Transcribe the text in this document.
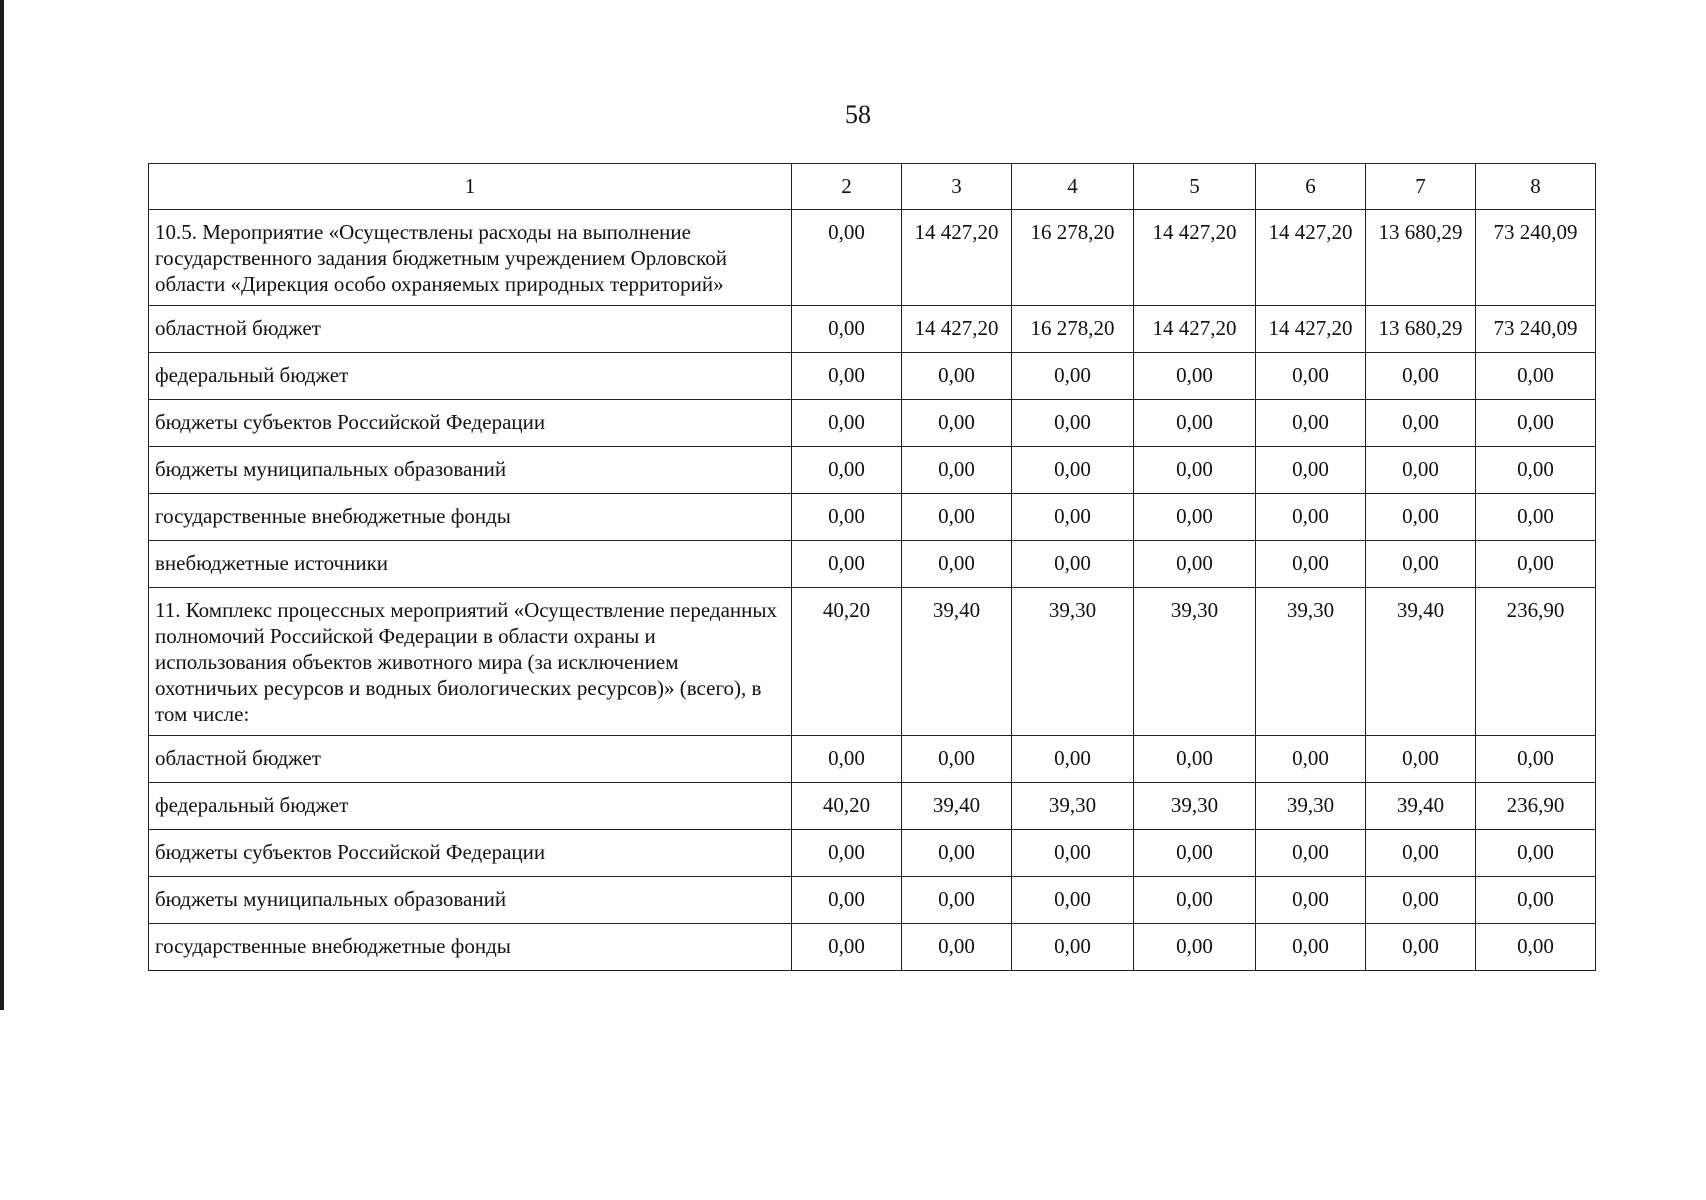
58
1	2	3	4	5	6	7	8
10.5. Мероприятие «Осуществлены расходы на выполнение государственного задания бюджетным учреждением Орловской области «Дирекция особо охраняемых природных территорий»	0,00	14 427,20	16 278,20	14 427,20	14 427,20	13 680,29	73 240,09
областной бюджет	0,00	14 427,20	16 278,20	14 427,20	14 427,20	13 680,29	73 240,09
федеральный бюджет	0,00	0,00	0,00	0,00	0,00	0,00	0,00
бюджеты субъектов Российской Федерации	0,00	0,00	0,00	0,00	0,00	0,00	0,00
бюджеты муниципальных образований	0,00	0,00	0,00	0,00	0,00	0,00	0,00
государственные внебюджетные фонды	0,00	0,00	0,00	0,00	0,00	0,00	0,00
внебюджетные источники	0,00	0,00	0,00	0,00	0,00	0,00	0,00
11. Комплекс процессных мероприятий «Осуществление переданных полномочий Российской Федерации в области охраны и использования объектов животного мира (за исключением охотничьих ресурсов и водных биологических ресурсов)» (всего), в том числе:	40,20	39,40	39,30	39,30	39,30	39,40	236,90
областной бюджет	0,00	0,00	0,00	0,00	0,00	0,00	0,00
федеральный бюджет	40,20	39,40	39,30	39,30	39,30	39,40	236,90
бюджеты субъектов Российской Федерации	0,00	0,00	0,00	0,00	0,00	0,00	0,00
бюджеты муниципальных образований	0,00	0,00	0,00	0,00	0,00	0,00	0,00
государственные внебюджетные фонды	0,00	0,00	0,00	0,00	0,00	0,00	0,00
